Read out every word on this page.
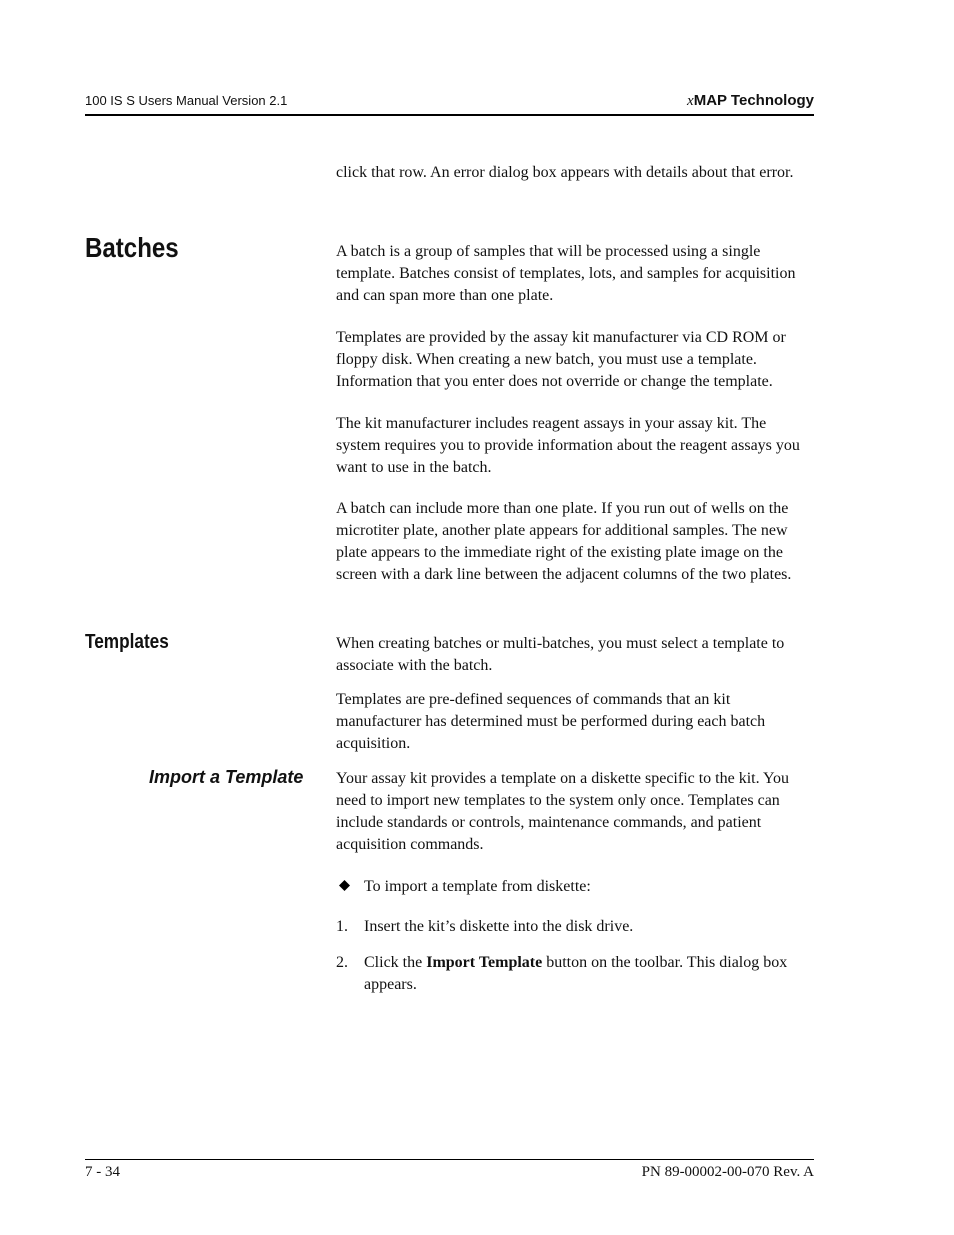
100 IS S Users Manual Version 2.1	xMAP Technology

click that row. An error dialog box appears with details about that error.

Batches	A batch is a group of samples that will be processed using a single template. Batches consist of templates, lots, and samples for acquisition and can span more than one plate.

Templates are provided by the assay kit manufacturer via CD ROM or floppy disk. When creating a new batch, you must use a template. Information that you enter does not override or change the template.

The kit manufacturer includes reagent assays in your assay kit. The system requires you to provide information about the reagent assays you want to use in the batch.

A batch can include more than one plate. If you run out of wells on the microtiter plate, another plate appears for additional samples. The new plate appears to the immediate right of the existing plate image on the screen with a dark line between the adjacent columns of the two plates.

Templates	When creating batches or multi-batches, you must select a template to associate with the batch.

Templates are pre-defined sequences of commands that an kit manufacturer has determined must be performed during each batch acquisition.

Import a Template Your assay kit provides a template on a diskette specific to the kit. You need to import new templates to the system only once. Templates can include standards or controls, maintenance commands, and patient acquisition commands.

To import a template from diskette:
1. Insert the kit’s diskette into the disk drive.
2. Click the Import Template button on the toolbar. This dialog box appears.
7 - 34	PN 89-00002-00-070 Rev. A
